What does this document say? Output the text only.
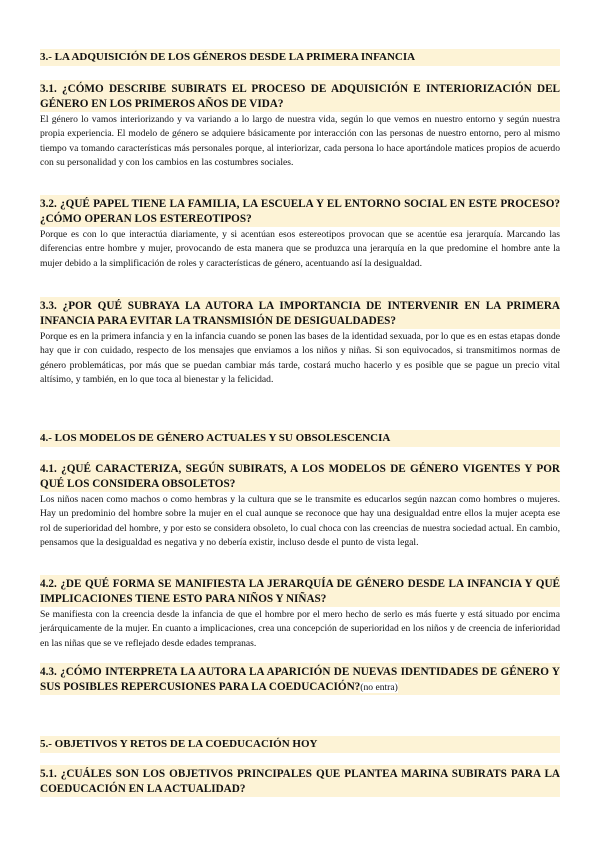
3.- LA ADQUISICIÓN DE LOS GÉNEROS DESDE LA PRIMERA INFANCIA
3.1. ¿CÓMO DESCRIBE SUBIRATS EL PROCESO DE ADQUISICIÓN E INTERIORIZACIÓN DEL GÉNERO EN LOS PRIMEROS AÑOS DE VIDA?
El género lo vamos interiorizando y va variando a lo largo de nuestra vida, según lo que vemos en nuestro entorno y según nuestra propia experiencia. El modelo de género se adquiere básicamente por interacción con las personas de nuestro entorno, pero al mismo tiempo va tomando características más personales porque, al interiorizar, cada persona lo hace aportándole matices propios de acuerdo con su personalidad y con los cambios en las costumbres sociales.
3.2. ¿QUÉ PAPEL TIENE LA FAMILIA, LA ESCUELA Y EL ENTORNO SOCIAL EN ESTE PROCESO? ¿CÓMO OPERAN LOS ESTEREOTIPOS?
Porque es con lo que interactúa diariamente, y si acentúan esos estereotipos provocan que se acentúe esa jerarquía. Marcando las diferencias entre hombre y mujer, provocando de esta manera que se produzca una jerarquía en la que predomine el hombre ante la mujer debido a la simplificación de roles y características de género, acentuando así la desigualdad.
3.3. ¿POR QUÉ SUBRAYA LA AUTORA LA IMPORTANCIA DE INTERVENIR EN LA PRIMERA INFANCIA PARA EVITAR LA TRANSMISIÓN DE DESIGUALDADES?
Porque es en la primera infancia y en la infancia cuando se ponen las bases de la identidad sexuada, por lo que es en estas etapas donde hay que ir con cuidado, respecto de los mensajes que enviamos a los niños y niñas. Si son equivocados, si transmitimos normas de género problemáticas, por más que se puedan cambiar más tarde, costará mucho hacerlo y es posible que se pague un precio vital altísimo, y también, en lo que toca al bienestar y la felicidad.
4.- LOS MODELOS DE GÉNERO ACTUALES Y SU OBSOLESCENCIA
4.1. ¿QUÉ CARACTERIZA, SEGÚN SUBIRATS, A LOS MODELOS DE GÉNERO VIGENTES Y POR QUÉ LOS CONSIDERA OBSOLETOS?
Los niños nacen como machos o como hembras y la cultura que se le transmite es educarlos según nazcan como hombres o mujeres. Hay un predominio del hombre sobre la mujer en el cual aunque se reconoce que hay una desigualdad entre ellos la mujer acepta ese rol de superioridad del hombre, y por esto se considera obsoleto, lo cual choca con las creencias de nuestra sociedad actual. En cambio, pensamos que la desigualdad es negativa y no debería existir, incluso desde el punto de vista legal.
4.2. ¿DE QUÉ FORMA SE MANIFIESTA LA JERARQUÍA DE GÉNERO DESDE LA INFANCIA Y QUÉ IMPLICACIONES TIENE ESTO PARA NIÑOS Y NIÑAS?
Se manifiesta con la creencia desde la infancia de que el hombre por el mero hecho de serlo es más fuerte y está situado por encima jerárquicamente de la mujer. En cuanto a implicaciones, crea una concepción de superioridad en los niños y de creencia de inferioridad en las niñas que se ve reflejado desde edades tempranas.
4.3. ¿CÓMO INTERPRETA LA AUTORA LA APARICIÓN DE NUEVAS IDENTIDADES DE GÉNERO Y SUS POSIBLES REPERCUSIONES PARA LA COEDUCACIÓN?(no entra)
5.- OBJETIVOS Y RETOS DE LA COEDUCACIÓN HOY
5.1. ¿CUÁLES SON LOS OBJETIVOS PRINCIPALES QUE PLANTEA MARINA SUBIRATS PARA LA COEDUCACIÓN EN LA ACTUALIDAD?
